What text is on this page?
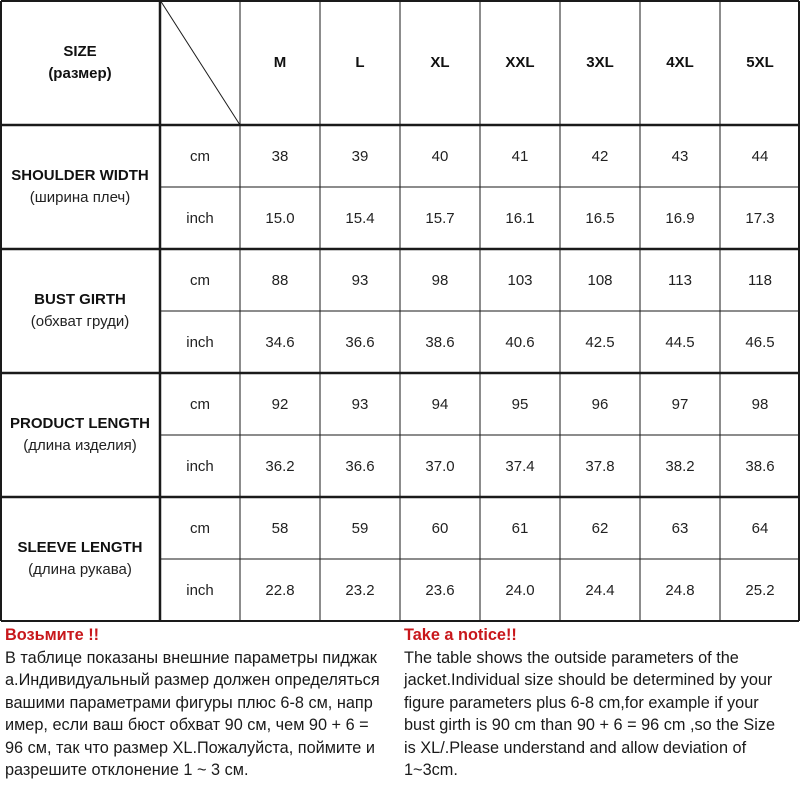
SIZE
(размер)
M	L	XL	XXL	3XL	4XL	5XL
SHOULDER WIDTH
(ширина плеч)
cm	38	39	40	41	42	43	44
inch	15.0	15.4	15.7	16.1	16.5	16.9	17.3
BUST GIRTH
(обхват груди)
cm	88	93	98	103	108	113	118
inch	34.6	36.6	38.6	40.6	42.5	44.5	46.5
PRODUCT LENGTH
(длина изделия)
cm	92	93	94	95	96	97	98
inch	36.2	36.6	37.0	37.4	37.8	38.2	38.6
SLEEVE LENGTH
(длина рукава)
cm	58	59	60	61	62	63	64
inch	22.8	23.2	23.6	24.0	24.4	24.8	25.2
Возьмите !!
В таблице показаны внешние параметры пиджак
а.Индивидуальный размер должен определяться
вашими параметрами фигуры плюс 6-8 см, напр
имер, если ваш бюст обхват 90 см, чем 90 + 6 =
96 см, так что размер XL.Пожалуйста, поймите и
разрешите отклонение 1 ~ 3 см.
Take a notice!!
The table shows the outside parameters of the
jacket.Individual size should be determined by your
figure parameters plus 6-8 cm,for example if your
bust girth is 90 cm than 90 + 6 = 96 cm ,so the Size
is XL/.Please understand and allow deviation of
1~3cm.
